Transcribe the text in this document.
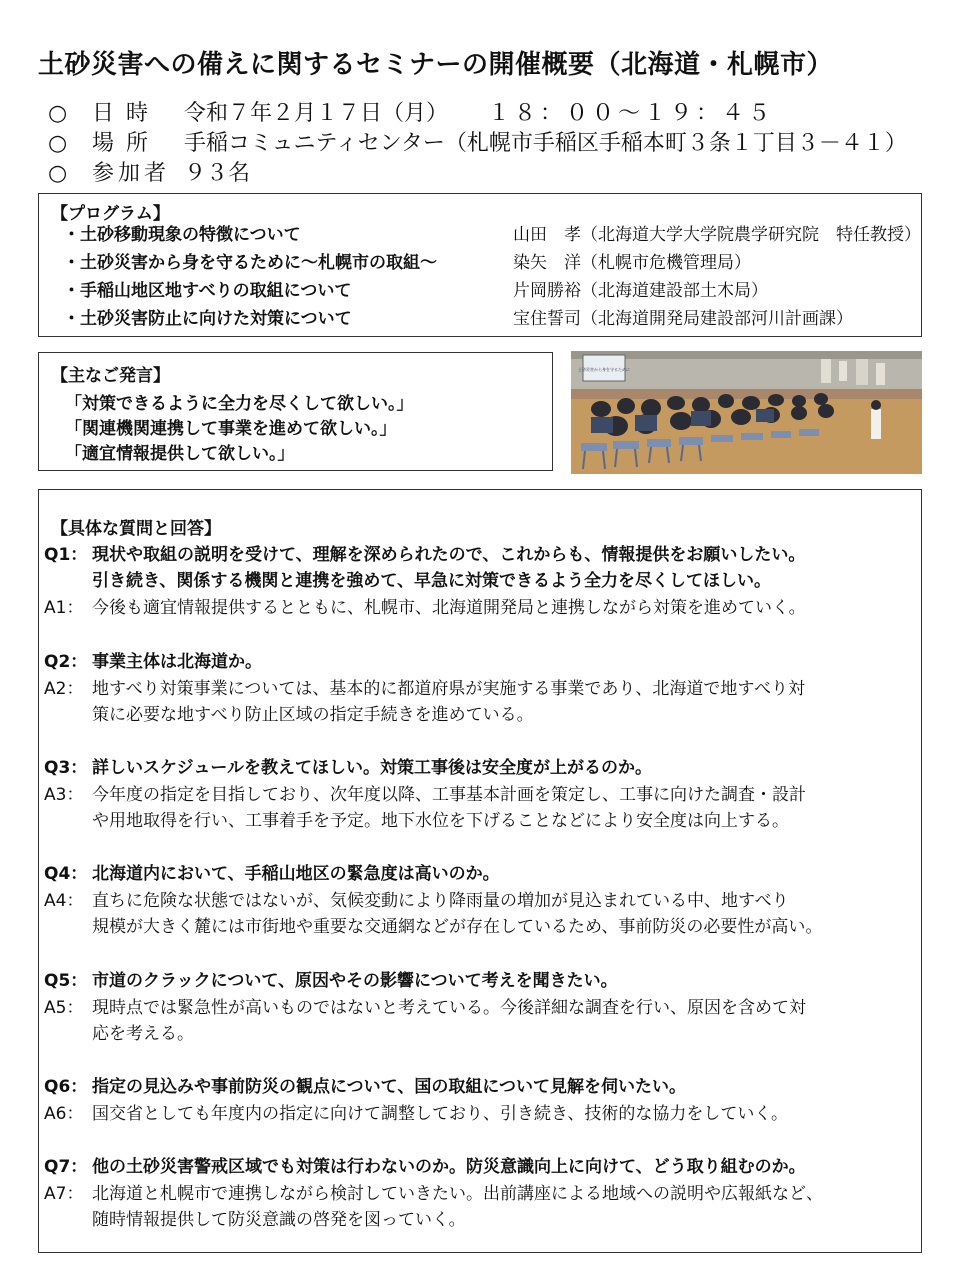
土砂災害への備えに関するセミナーの開催概要（北海道・札幌市）
○ 日時 令和７年２月１７日（月） １８：００～１９：４５
○ 場所 手稲コミュニティセンター（札幌市手稲区手稲本町３条１丁目３－４１）
○ 参加者 ９３名
【プログラム】
・土砂移動現象の特徴について	山田　孝（北海道大学大学院農学研究院　特任教授）
・土砂災害から身を守るために～札幌市の取組～	染矢　洋（札幌市危機管理局）
・手稲山地区地すべりの取組について	片岡勝裕（北海道建設部土木局）
・土砂災害防止に向けた対策について	宝住誓司（北海道開発局建設部河川計画課）
【主なご発言】
「対策できるように全力を尽くして欲しい。」
「関連機関連携して事業を進めて欲しい。」
「適宜情報提供して欲しい。」
土砂災害から身を守るために
【具体な質問と回答】
Q1： 現状や取組の説明を受けて、理解を深められたので、これからも、情報提供をお願いしたい。
引き続き、関係する機関と連携を強めて、早急に対策できるよう全力を尽くしてほしい。
A1： 今後も適宜情報提供するとともに、札幌市、北海道開発局と連携しながら対策を進めていく。
Q2： 事業主体は北海道か。
A2： 地すべり対策事業については、基本的に都道府県が実施する事業であり、北海道で地すべり対
策に必要な地すべり防止区域の指定手続きを進めている。
Q3： 詳しいスケジュールを教えてほしい。対策工事後は安全度が上がるのか。
A3： 今年度の指定を目指しており、次年度以降、工事基本計画を策定し、工事に向けた調査・設計
や用地取得を行い、工事着手を予定。地下水位を下げることなどにより安全度は向上する。
Q4： 北海道内において、手稲山地区の緊急度は高いのか。
A4： 直ちに危険な状態ではないが、気候変動により降雨量の増加が見込まれている中、地すべり
規模が大きく麓には市街地や重要な交通網などが存在しているため、事前防災の必要性が高い。
Q5： 市道のクラックについて、原因やその影響について考えを聞きたい。
A5： 現時点では緊急性が高いものではないと考えている。今後詳細な調査を行い、原因を含めて対
応を考える。
Q6： 指定の見込みや事前防災の観点について、国の取組について見解を伺いたい。
A6： 国交省としても年度内の指定に向けて調整しており、引き続き、技術的な協力をしていく。
Q7： 他の土砂災害警戒区域でも対策は行わないのか。防災意識向上に向けて、どう取り組むのか。
A7： 北海道と札幌市で連携しながら検討していきたい。出前講座による地域への説明や広報紙など、
随時情報提供して防災意識の啓発を図っていく。
